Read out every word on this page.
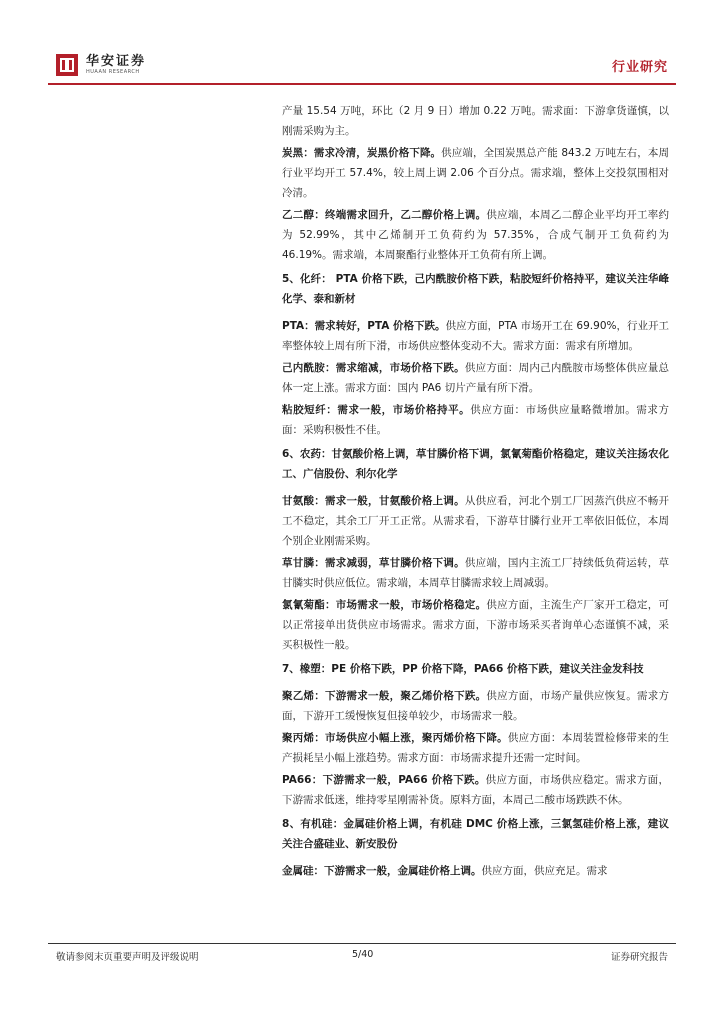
华安证券
HUAAN RESEARCH	行业研究

产量 15.54 万吨，环比（2 月 9 日）增加 0.22 万吨。需求面：下游拿货谨慎，以刚需采购为主。

炭黑：需求冷清，炭黑价格下降。供应端，全国炭黑总产能 843.2 万吨左右，本周行业平均开工 57.4%，较上周上调 2.06 个百分点。需求端，整体上交投氛围相对冷清。

乙二醇：终端需求回升，乙二醇价格上调。供应端，本周乙二醇企业平均开工率约为 52.99%，其中乙烯制开工负荷约为 57.35%，合成气制开工负荷约为 46.19%。需求端，本周聚酯行业整体开工负荷有所上调。

5、化纤： PTA 价格下跌，己内酰胺价格下跌，粘胶短纤价格持平，建议关注华峰化学、泰和新材

PTA：需求转好，PTA 价格下跌。供应方面，PTA 市场开工在 69.90%，行业开工率整体较上周有所下滑，市场供应整体变动不大。需求方面：需求有所增加。

己内酰胺：需求缩减，市场价格下跌。供应方面：周内己内酰胺市场整体供应量总体一定上涨。需求方面：国内 PA6 切片产量有所下滑。

粘胶短纤：需求一般，市场价格持平。供应方面：市场供应量略微增加。需求方面：采购积极性不佳。

6、农药：甘氨酸价格上调，草甘膦价格下调，氯氰菊酯价格稳定，建议关注扬农化工、广信股份、利尔化学

甘氨酸：需求一般，甘氨酸价格上调。从供应看，河北个别工厂因蒸汽供应不畅开工不稳定，其余工厂开工正常。从需求看，下游草甘膦行业开工率依旧低位，本周个别企业刚需采购。

草甘膦：需求减弱，草甘膦价格下调。供应端，国内主流工厂持续低负荷运转，草甘膦实时供应低位。需求端，本周草甘膦需求较上周减弱。

氯氰菊酯：市场需求一般，市场价格稳定。供应方面，主流生产厂家开工稳定，可以正常接单出货供应市场需求。需求方面，下游市场采买者询单心态谨慎不减，采买积极性一般。

7、橡塑：PE 价格下跌，PP 价格下降，PA66 价格下跌，建议关注金发科技

聚乙烯：下游需求一般，聚乙烯价格下跌。供应方面，市场产量供应恢复。需求方面，下游开工缓慢恢复但接单较少，市场需求一般。

聚丙烯：市场供应小幅上涨，聚丙烯价格下降。供应方面：本周装置检修带来的生产损耗呈小幅上涨趋势。需求方面：市场需求提升还需一定时间。

PA66：下游需求一般，PA66 价格下跌。供应方面，市场供应稳定。需求方面，下游需求低迷，维持零星刚需补货。原料方面，本周己二酸市场跌跌不休。

8、有机硅：金属硅价格上调，有机硅 DMC 价格上涨，三氯氢硅价格上涨，建议关注合盛硅业、新安股份

金属硅：下游需求一般，金属硅价格上调。供应方面，供应充足。需求

敬请参阅末页重要声明及评级说明	5/40	证券研究报告
